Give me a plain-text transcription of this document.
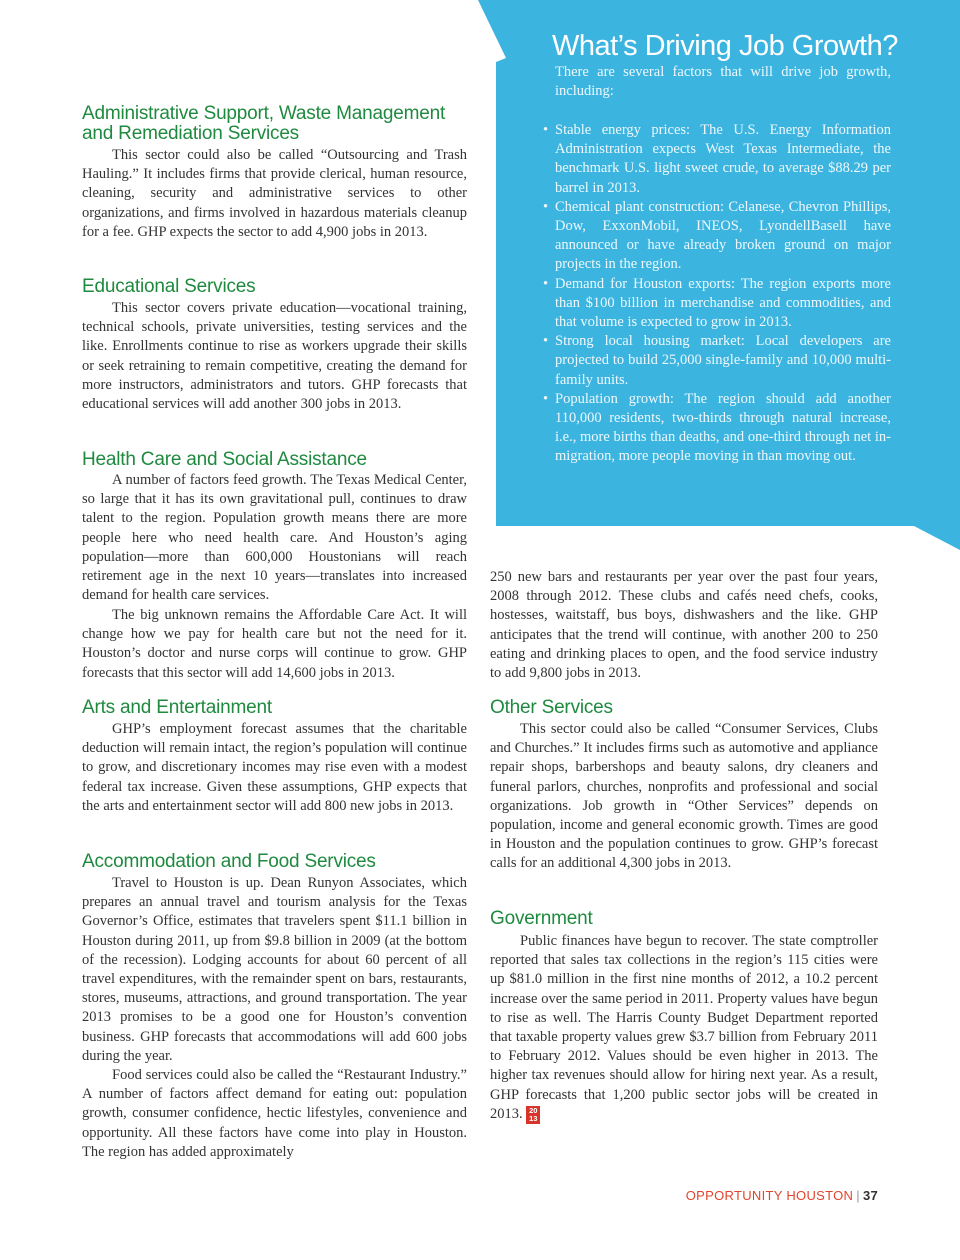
Administrative Support, Waste Management and Remediation Services

This sector could also be called “Outsourcing and Trash Hauling.” It includes firms that provide clerical, human resource, cleaning, security and administrative services to other organizations, and firms involved in hazardous materials cleanup for a fee. GHP expects the sector to add 4,900 jobs in 2013.

Educational Services

This sector covers private education—vocational training, technical schools, private universities, testing services and the like. Enrollments continue to rise as workers upgrade their skills or seek retraining to remain competitive, creating the demand for more instructors, administrators and tutors. GHP forecasts that educational services will add another 300 jobs in 2013.

Health Care and Social Assistance

A number of factors feed growth. The Texas Medical Center, so large that it has its own gravitational pull, continues to draw talent to the region. Population growth means there are more people here who need health care. And Houston’s aging population—more than 600,000 Houstonians will reach retirement age in the next 10 years—translates into increased demand for health care services.

The big unknown remains the Affordable Care Act. It will change how we pay for health care but not the need for it. Houston’s doctor and nurse corps will continue to grow. GHP forecasts that this sector will add 14,600 jobs in 2013.

Arts and Entertainment

GHP’s employment forecast assumes that the charitable deduction will remain intact, the region’s population will continue to grow, and discretionary incomes may rise even with a modest federal tax increase. Given these assumptions, GHP expects that the arts and entertainment sector will add 800 new jobs in 2013.

Accommodation and Food Services

Travel to Houston is up. Dean Runyon Associates, which prepares an annual travel and tourism analysis for the Texas Governor’s Office, estimates that travelers spent $11.1 billion in Houston during 2011, up from $9.8 billion in 2009 (at the bottom of the recession). Lodging accounts for about 60 percent of all travel expenditures, with the remainder spent on bars, restaurants, stores, museums, attractions, and ground transportation. The year 2013 promises to be a good one for Houston’s convention business. GHP forecasts that accommodations will add 600 jobs during the year.

Food services could also be called the “Restaurant Industry.” A number of factors affect demand for eating out: population growth, consumer confidence, hectic lifestyles, convenience and opportunity. All these factors have come into play in Houston. The region has added approximately

What’s Driving Job Growth?
There are several factors that will drive job growth, including:
• Stable energy prices: The U.S. Energy Information Administration expects West Texas Intermediate, the benchmark U.S. light sweet crude, to average $88.29 per barrel in 2013.
• Chemical plant construction: Celanese, Chevron Phillips, Dow, ExxonMobil, INEOS, LyondellBasell have announced or have already broken ground on major projects in the region.
• Demand for Houston exports: The region exports more than $100 billion in merchandise and commodities, and that volume is expected to grow in 2013.
• Strong local housing market: Local developers are projected to build 25,000 single-family and 10,000 multi-family units.
• Population growth: The region should add another 110,000 residents, two-thirds through natural increase, i.e., more births than deaths, and one-third through net in-migration, more people moving in than moving out.

250 new bars and restaurants per year over the past four years, 2008 through 2012. These clubs and cafés need chefs, cooks, hostesses, waitstaff, bus boys, dishwashers and the like. GHP anticipates that the trend will continue, with another 200 to 250 eating and drinking places to open, and the food service industry to add 9,800 jobs in 2013.

Other Services

This sector could also be called “Consumer Services, Clubs and Churches.” It includes firms such as automotive and appliance repair shops, barbershops and beauty salons, dry cleaners and funeral parlors, churches, nonprofits and professional and social organizations. Job growth in “Other Services” depends on population, income and general economic growth. Times are good in Houston and the population continues to grow. GHP’s forecast calls for an additional 4,300 jobs in 2013.

Government

Public finances have begun to recover. The state comptroller reported that sales tax collections in the region’s 115 cities were up $81.0 million in the first nine months of 2012, a 10.2 percent increase over the same period in 2011. Property values have begun to rise as well. The Harris County Budget Department reported that taxable property values grew $3.7 billion from February 2011 to February 2012. Values should be even higher in 2013. The higher tax revenues should allow for hiring next year. As a result, GHP forecasts that 1,200 public sector jobs will be created in 2013. 20
13

OPPORTUNITY HOUSTON | 37
